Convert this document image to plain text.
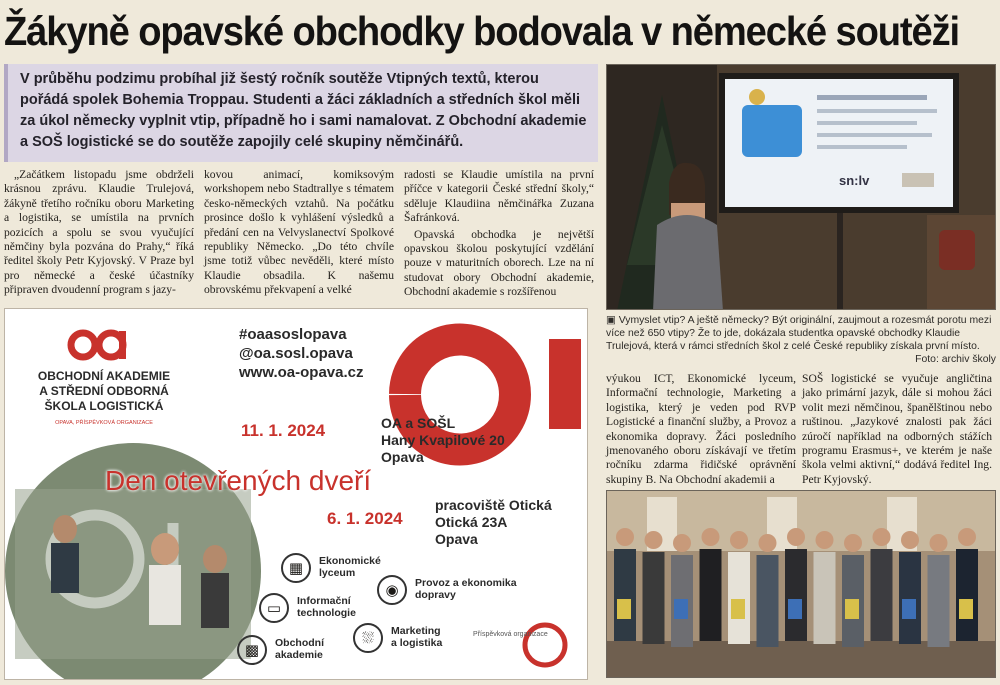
Žákyně opavské obchodky bodovala v německé soutěži
V průběhu podzimu probíhal již šestý ročník soutěže Vtipných textů, kterou pořádá spolek Bohemia Troppau. Studenti a žáci základních a středních škol měli za úkol německy vyplnit vtip, případně ho i sami namalovat. Z Obchodní akademie a SOŠ logistické se do soutěže zapojily celé skupiny němčinářů.

„Začátkem listopadu jsme obdrželi krásnou zprávu. Klaudie Trulejová, žákyně třetího ročníku oboru Marketing a logistika, se umístila na prvních pozicích a spolu se svou vyučující němčiny byla pozvána do Prahy,“ říká ředitel školy Petr Kyjovský. V Praze byl pro německé a české účastníky připraven dvoudenní program s jazy-

kovou animací, komiksovým workshopem nebo Stadtrallye s tématem česko-německých vztahů. Na počátku prosince došlo k vyhlášení výsledků a předání cen na Velvyslanectví Spolkové republiky Německo. „Do této chvíle jsme totiž vůbec nevěděli, které místo Klaudie obsadila. K našemu obrovskému překvapení a velké

radosti se Klaudie umístila na první příčce v kategorii České střední školy,“ sděluje Klaudiina němčinářka Zuzana Šafránková.

Opavská obchodka je největší opavskou školou poskytující vzdělání pouze v maturitních oborech. Lze na ní studovat obory Obchodní akademie, Obchodní akademie s rozšířenou

výukou ICT, Ekonomické lyceum, Informační technologie, Marketing a logistika, který je veden pod RVP Logistické a finanční služby, a Provoz a ekonomika dopravy. Žáci posledního jmenovaného oboru získávají ve třetím ročníku zdarma řidičské oprávnění skupiny B. Na Obchodní akademii a

SOŠ logistické se vyučuje angličtina jako primární jazyk, dále si mohou žáci volit mezi němčinou, španělštinou nebo ruštinou. „Jazykové znalosti pak žáci zúročí například na odborných stážích programu Erasmus+, ve kterém je naše škola velmi aktivní,“ dodává ředitel Ing. Petr Kyjovský.

sn:lv
▣ Vymyslet vtip? A ještě německy? Být originální, zaujmout a rozesmát porotu mezi více než 650 vtipy? Že to jde, dokázala studentka opavské obchodky Klaudie Trulejová, která v rámci středních škol z celé České republiky získala první místo.
Foto: archiv školy
OBCHODNÍ AKADEMIE
A STŘEDNÍ ODBORNÁ
ŠKOLA LOGISTICKÁ
OPAVA, PŘÍSPĚVKOVÁ ORGANIZACE
#oaasoslopava
@oa.sosl.opava
www.oa-opava.cz
11. 1. 2024	OA a SOŠL
Hany Kvapilové 20
Opava
Den otevřených dveří
6. 1. 2024
pracoviště Otická
Otická 23A
Opava
▦	Ekonomické
lyceum
◉	Provoz a ekonomika
dopravy
▭	Informační
technologie
⛆	Marketing
a logistika
▩	Obchodní
akademie
Příspěvková organizace
